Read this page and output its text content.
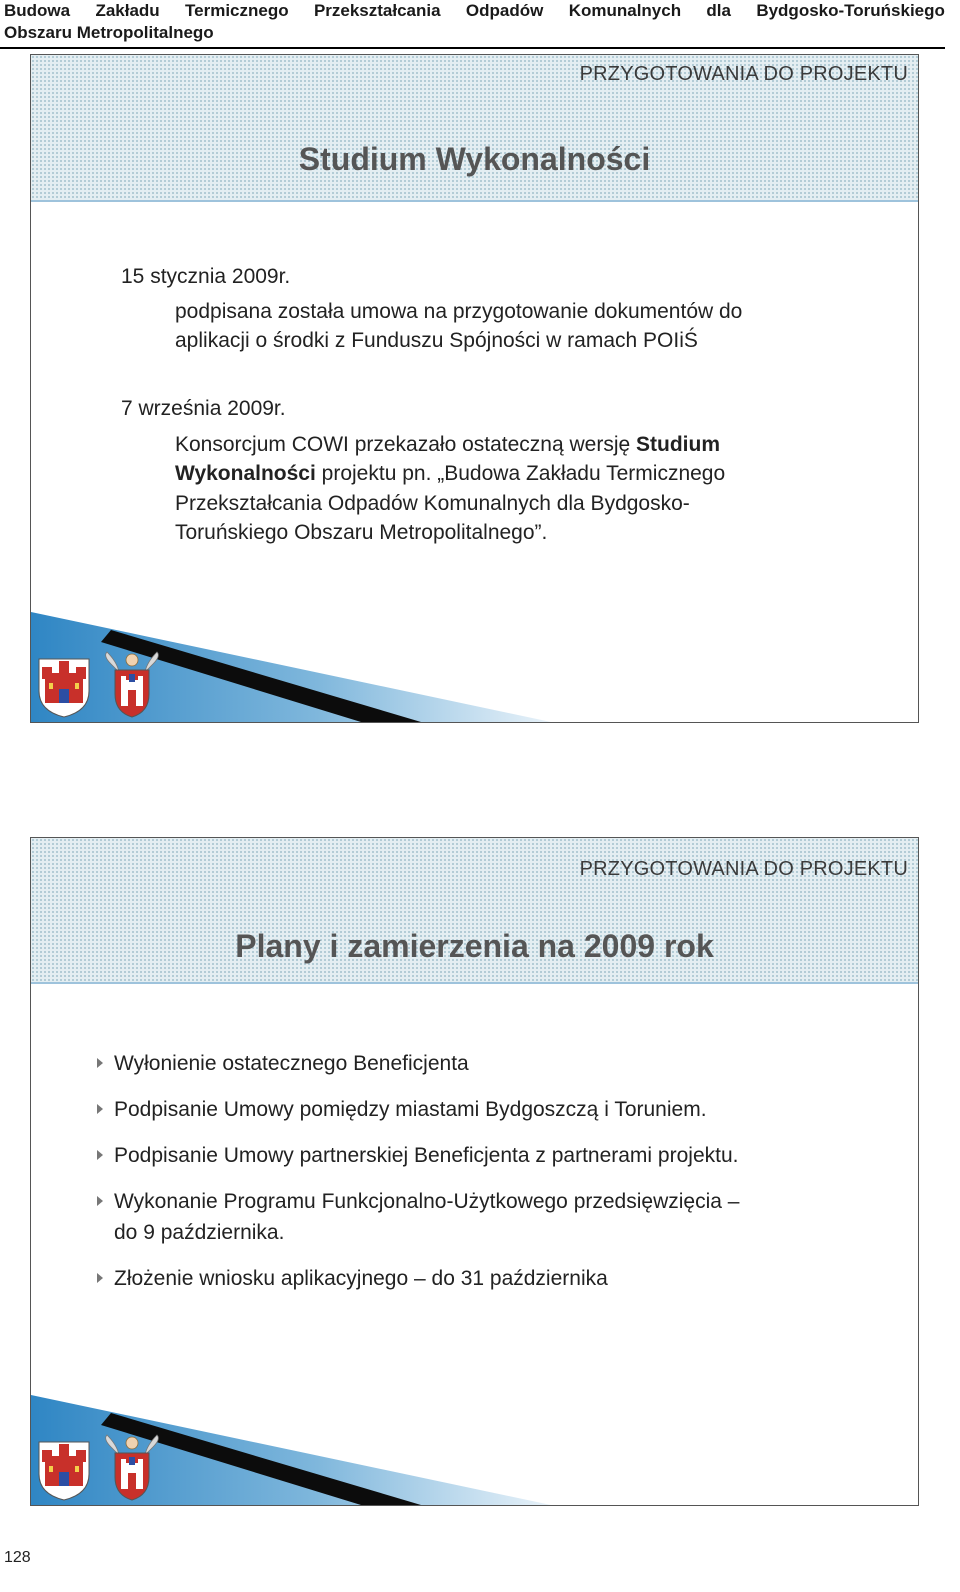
Budowa Zakładu Termicznego Przekształcania Odpadów Komunalnych dla Bydgosko-Toruńskiego
Obszaru Metropolitalnego
PRZYGOTOWANIA DO PROJEKTU
Studium Wykonalności
15 stycznia 2009r.
podpisana została umowa na przygotowanie dokumentów do
aplikacji o środki z Funduszu Spójności w ramach POIiŚ
7 września 2009r.
Konsorcjum COWI przekazało ostateczną wersję Studium
Wykonalności projektu pn. „Budowa Zakładu Termicznego
Przekształcania Odpadów Komunalnych dla Bydgosko-
Toruńskiego Obszaru Metropolitalnego”.
PRZYGOTOWANIA DO PROJEKTU
Plany i zamierzenia na 2009 rok
Wyłonienie ostatecznego Beneficjenta
Podpisanie Umowy pomiędzy miastami Bydgoszczą i Toruniem.
Podpisanie Umowy partnerskiej Beneficjenta z partnerami projektu.
Wykonanie Programu Funkcjonalno-Użytkowego przedsięwzięcia –
do 9 października.
Złożenie wniosku aplikacyjnego – do 31 października
128
